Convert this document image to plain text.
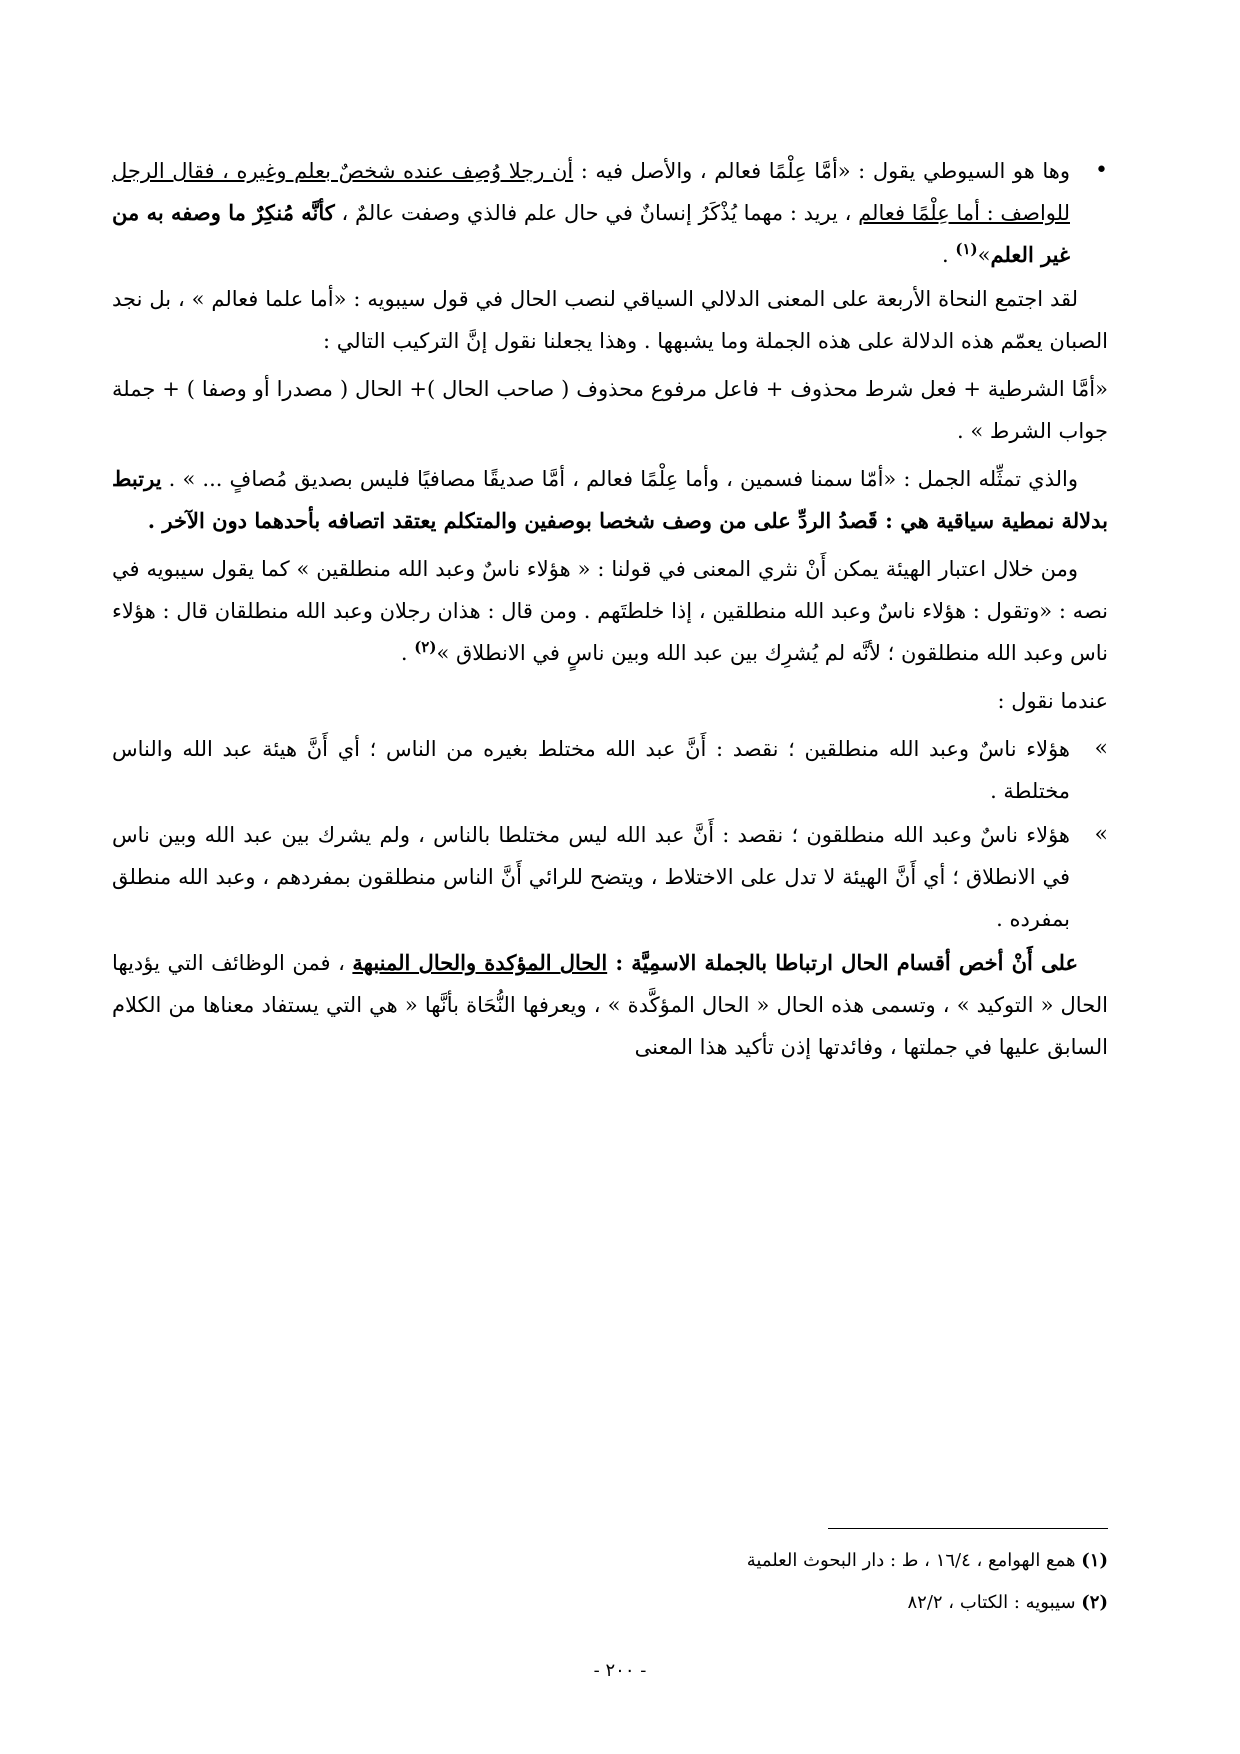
•
وها هو السيوطي يقول : «أمَّا عِلْمًا فعالم ، والأصل فيه : أن رجلا وُصِف عنده شخصٌ بعلم وغيره ، فقال الرجل للواصف : أما عِلْمًا فعالم ، يريد : مهما يُذْكَرُ إنسانٌ في حال علم فالذي وصفت عالمٌ ، كأنَّه مُنكِرٌ ما وصفه به من غير العلم»$^{(١)}$ .

لقد اجتمع النحاة الأربعة على المعنى الدلالي السياقي لنصب الحال في قول سيبويه : «أما علما فعالم » ، بل نجد الصبان يعمّم هذه الدلالة على هذه الجملة وما يشبهها . وهذا يجعلنا نقول إنَّ التركيب التالي :

«أمَّا الشرطية + فعل شرط محذوف + فاعل مرفوع محذوف ( صاحب الحال )+ الحال ( مصدرا أو وصفا ) + جملة جواب الشرط » .

والذي تمثِّله الجمل : «أمّا سمنا فسمين ، وأما عِلْمًا فعالم ، أمَّا صديقًا مصافيًا فليس بصديق مُصافٍ ... » . يرتبط بدلالة نمطية سياقية هي : قَصدُ الردِّ على من وصف شخصا بوصفين والمتكلم يعتقد اتصافه بأحدهما دون الآخر .

ومن خلال اعتبار الهيئة يمكن أَنْ نثري المعنى في قولنا : « هؤلاء ناسٌ وعبد الله منطلقين » كما يقول سيبويه في نصه : «وتقول : هؤلاء ناسٌ وعبد الله منطلقين ، إذا خلطتَهم . ومن قال : هذان رجلان وعبد الله منطلقان قال : هؤلاء ناس وعبد الله منطلقون ؛ لأنَّه لم يُشرِك بين عبد الله وبين ناسٍ في الانطلاق »$^{(٢)}$ .

عندما نقول :

»
هؤلاء ناسٌ وعبد الله منطلقين ؛ نقصد : أَنَّ عبد الله مختلط بغيره من الناس ؛ أي أَنَّ هيئة عبد الله والناس مختلطة .
»
هؤلاء ناسٌ وعبد الله منطلقون ؛ نقصد : أَنَّ عبد الله ليس مختلطا بالناس ، ولم يشرك بين عبد الله وبين ناس في الانطلاق ؛ أي أَنَّ الهيئة لا تدل على الاختلاط ، ويتضح للرائي أَنَّ الناس منطلقون بمفردهم ، وعبد الله منطلق بمفرده .

على أَنْ أخص أقسام الحال ارتباطا بالجملة الاسمِيَّة : الحال المؤكدة والحال المنبهة ، فمن الوظائف التي يؤديها الحال « التوكيد » ، وتسمى هذه الحال « الحال المؤكَّدة » ، ويعرفها النُّحَاة بأنَّها « هي التي يستفاد معناها من الكلام السابق عليها في جملتها ، وفائدتها إذن تأكيد هذا المعنى

(١) همع الهوامع ، ١٦/٤ ، ط : دار البحوث العلمية
(٢) سيبويه : الكتاب ، ٨٢/٢
- ٢٠٠ -
